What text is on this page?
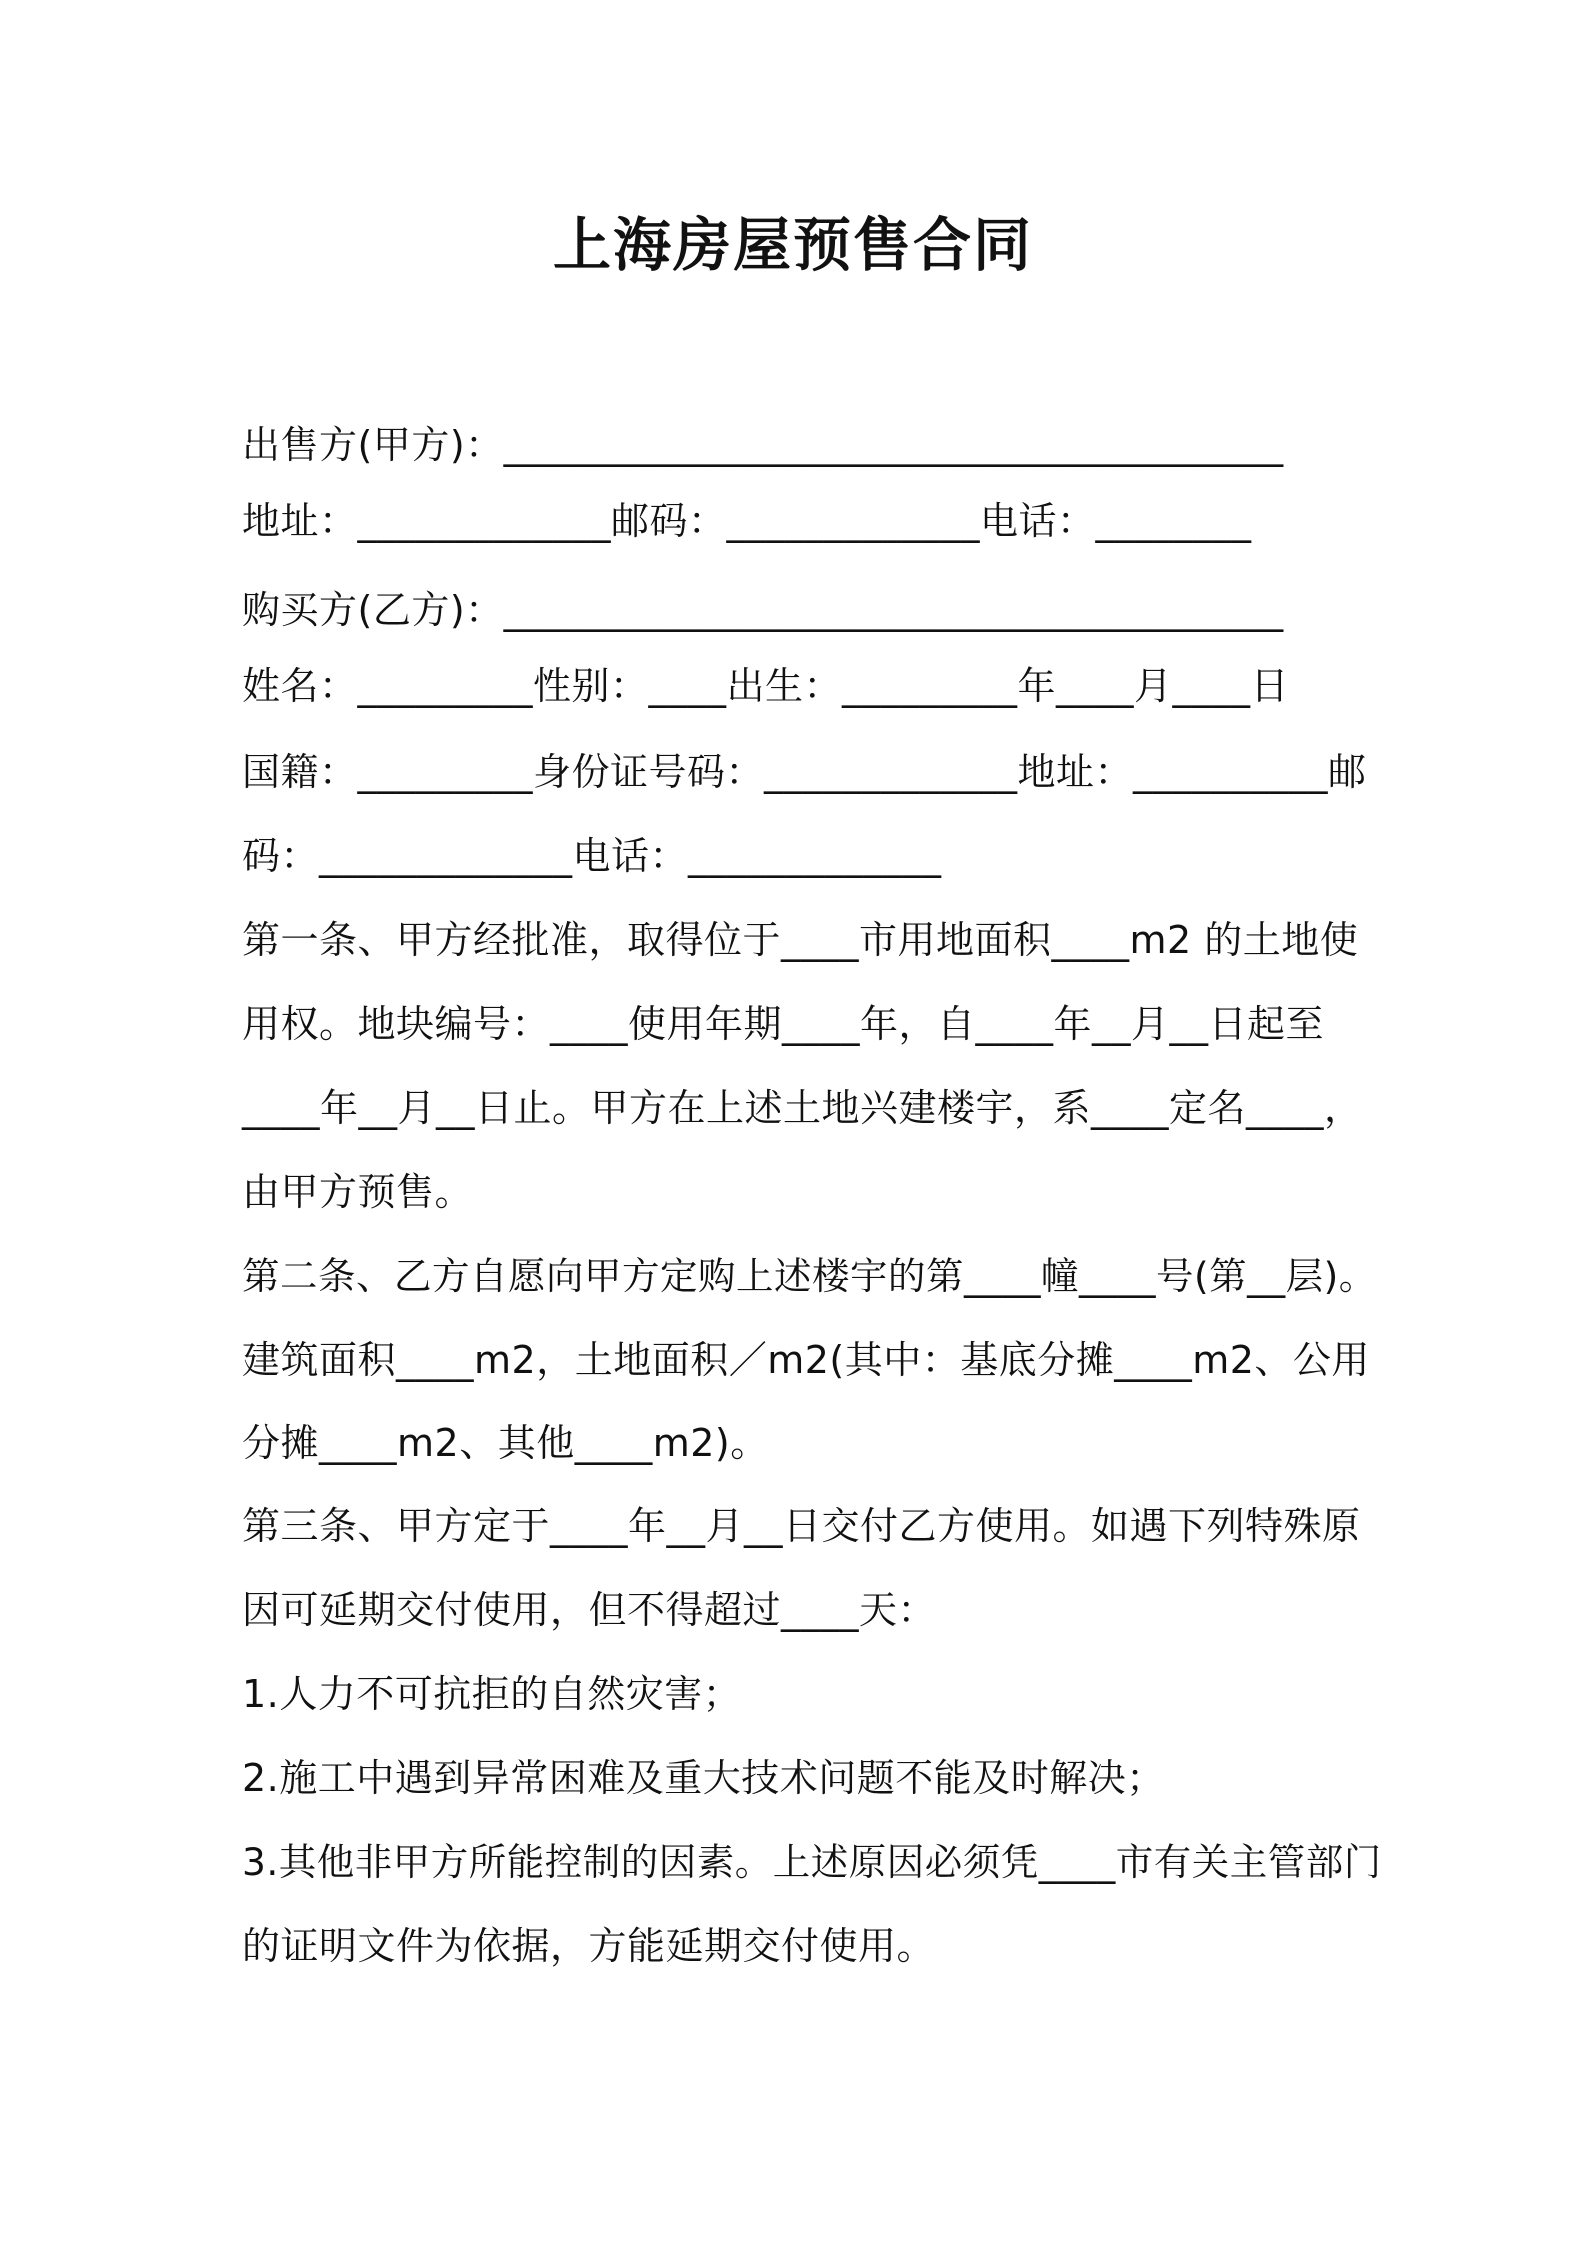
上海房屋预售合同
出售方(甲方)：________________________________________
地址：_____________邮码：_____________电话：________
购买方(乙方)：________________________________________
姓名：_________性别：____出生：_________年____月____日
国籍：_________身份证号码：_____________地址：__________邮
码：_____________电话：_____________
第一条、甲方经批准，取得位于____市用地面积____m2 的土地使
用权。地块编号：____使用年期____年，自____年__月__日起至
____年__月__日止。甲方在上述土地兴建楼宇，系____定名____，
由甲方预售。
第二条、乙方自愿向甲方定购上述楼宇的第____幢____号(第__层)。
建筑面积____m2，土地面积／m2(其中：基底分摊____m2、公用
分摊____m2、其他____m2)。
第三条、甲方定于____年__月__日交付乙方使用。如遇下列特殊原
因可延期交付使用，但不得超过____天：
1.人力不可抗拒的自然灾害；
2.施工中遇到异常困难及重大技术问题不能及时解决；
3.其他非甲方所能控制的因素。上述原因必须凭____市有关主管部门
的证明文件为依据，方能延期交付使用。
